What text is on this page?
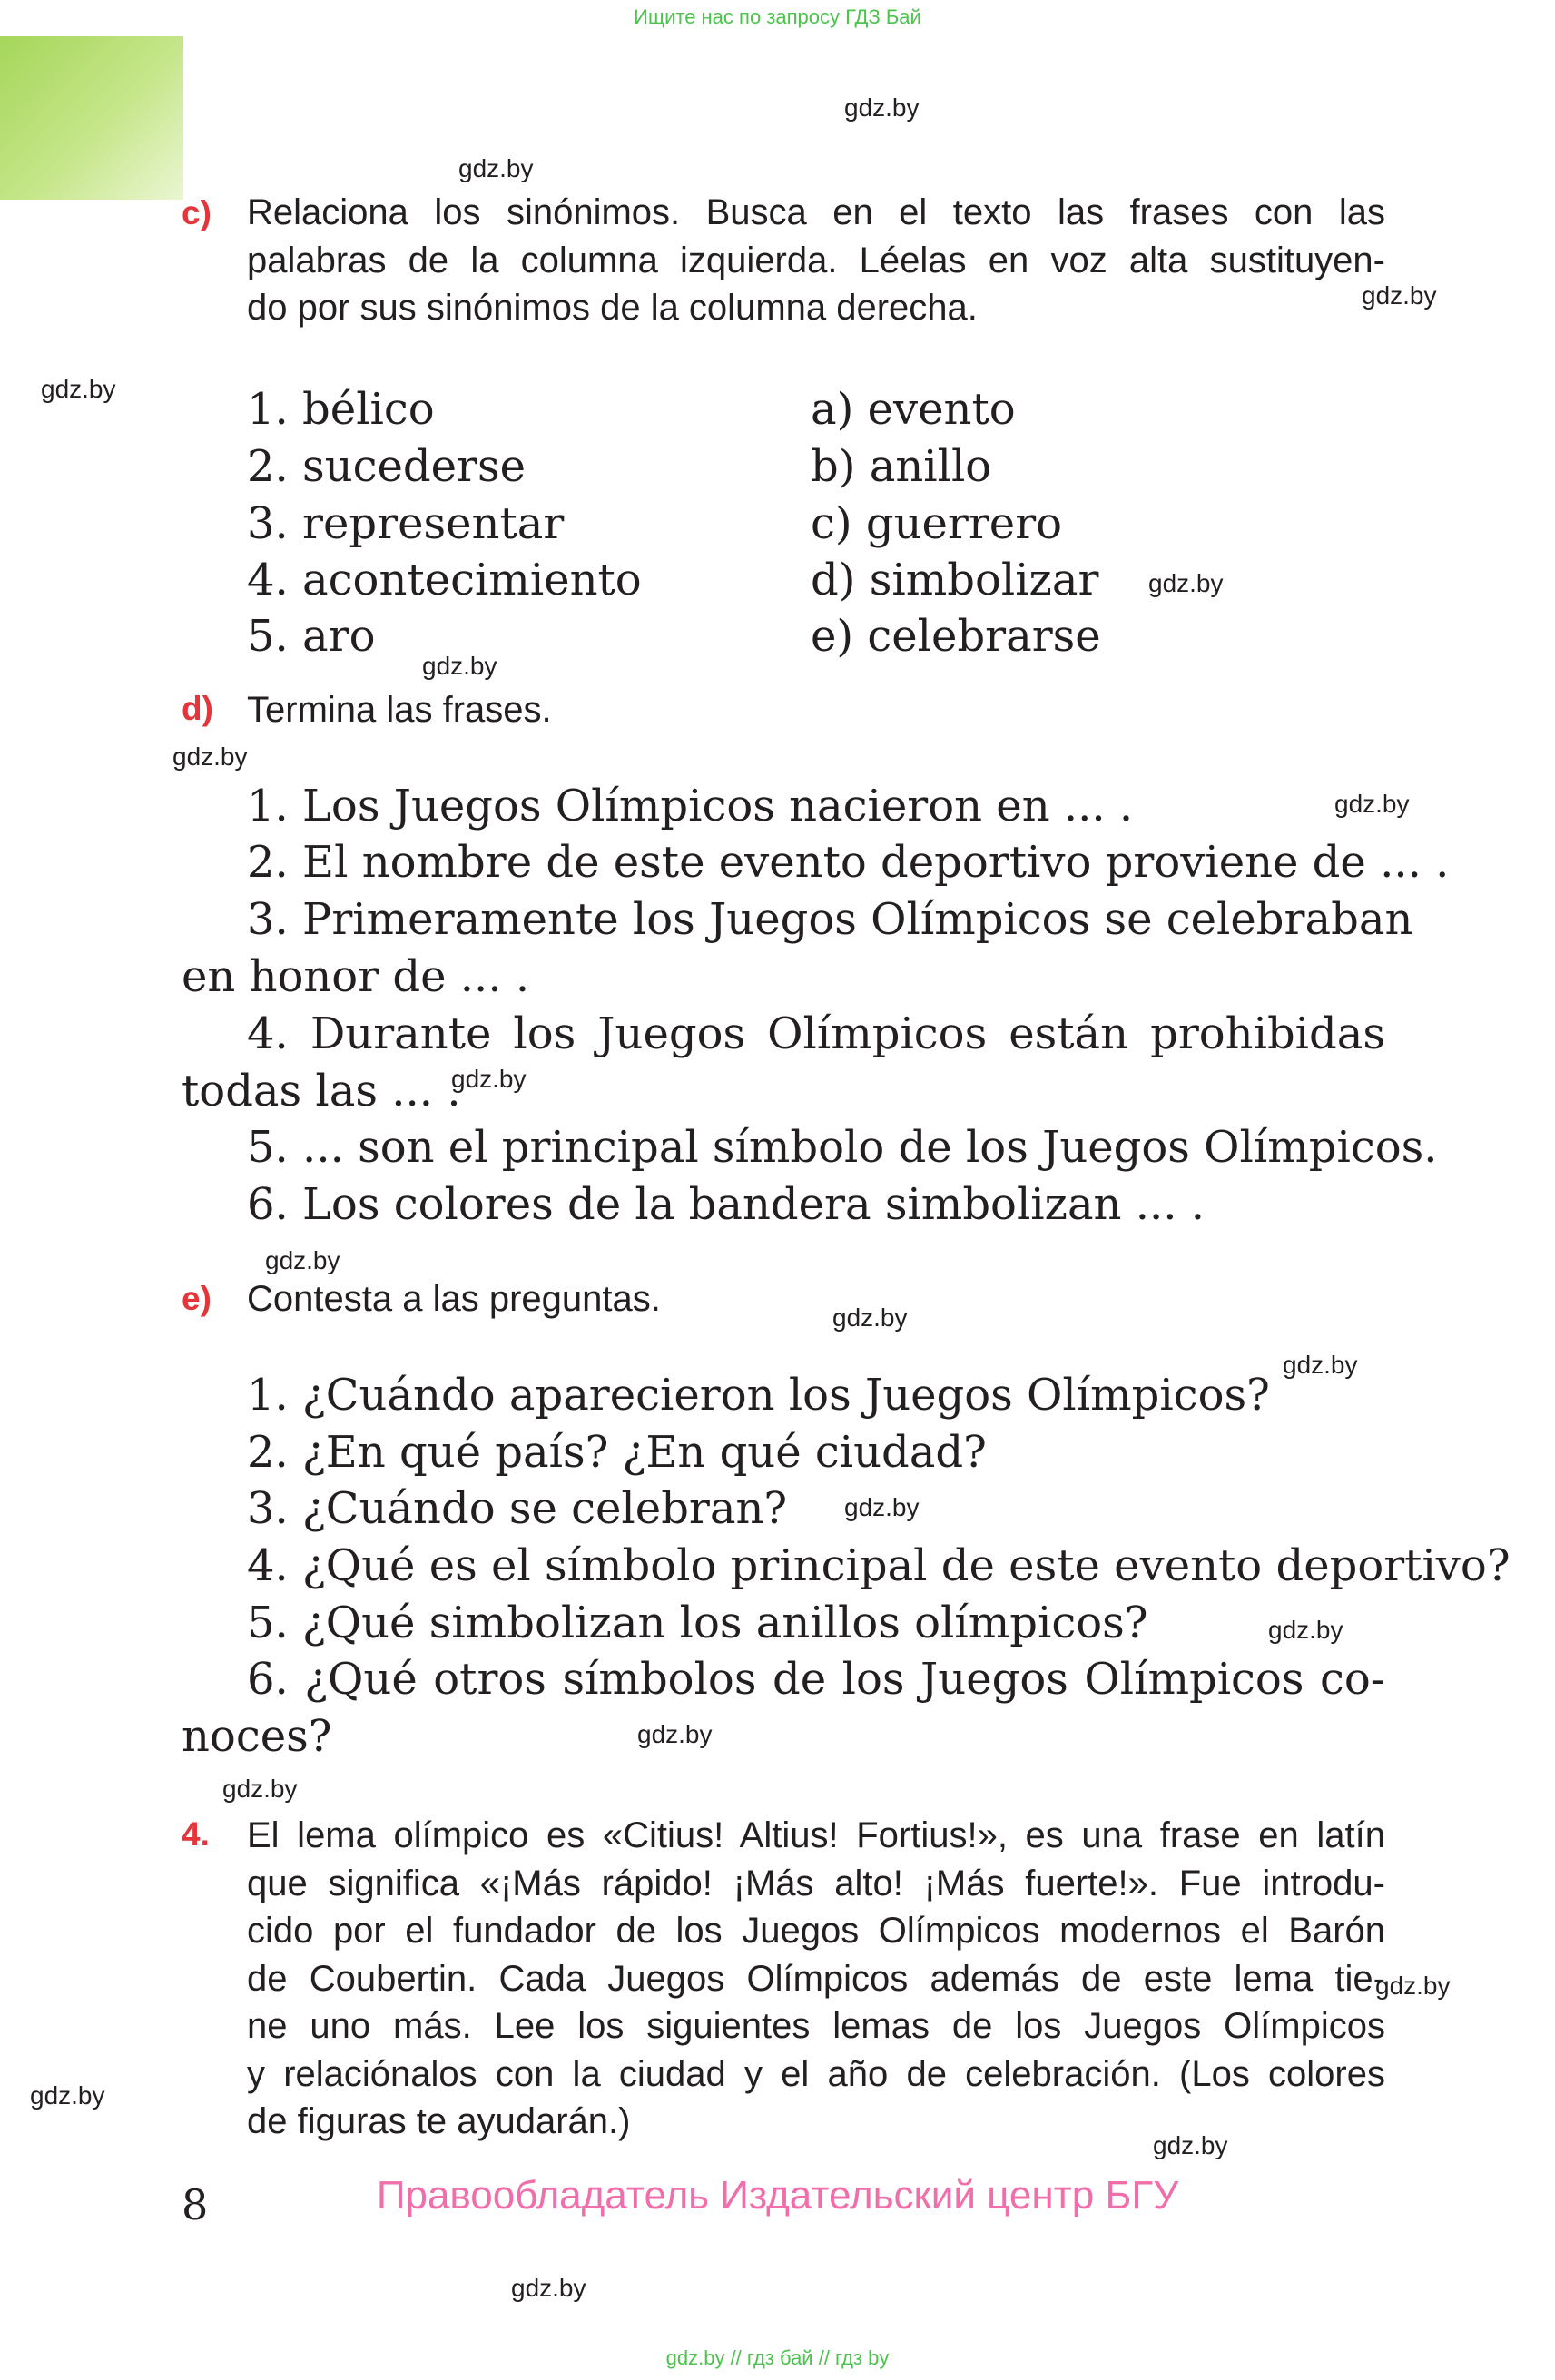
Ищите нас по запросу ГДЗ Бай
gdz.by
gdz.by
gdz.by
gdz.by
gdz.by
gdz.by
gdz.by
gdz.by
gdz.by
gdz.by
gdz.by
gdz.by
gdz.by
gdz.by
gdz.by
gdz.by
gdz.by
gdz.by
gdz.by
gdz.by
c) Relaciona los sinónimos. Busca en el texto las frases con las
palabras de la columna izquierda. Léelas en voz alta sustituyen-
do por sus sinónimos de la columna derecha.
1. bélico
2. sucederse
3. representar
4. acontecimiento
5. aro
a) evento
b) anillo
c) guerrero
d) simbolizar
e) celebrarse
d) Termina las frases.
1. Los Juegos Olímpicos nacieron en ... .
2. El nombre de este evento deportivo proviene de ... .
3. Primeramente los Juegos Olímpicos se celebraban
en honor de ... .
4. Durante los Juegos Olímpicos están prohibidas
todas las ... .
5. ... son el principal símbolo de los Juegos Olímpicos.
6. Los colores de la bandera simbolizan ... .
e) Contesta a las preguntas.
1. ¿Cuándo aparecieron los Juegos Olímpicos?
2. ¿En qué país? ¿En qué ciudad?
3. ¿Cuándo se celebran?
4. ¿Qué es el símbolo principal de este evento deportivo?
5. ¿Qué simbolizan los anillos olímpicos?
6. ¿Qué otros símbolos de los Juegos Olímpicos co-
noces?
4. El lema olímpico es «Citius! Altius! Fortius!», es una frase en latín
que significa «¡Más rápido! ¡Más alto! ¡Más fuerte!». Fue introdu-
cido por el fundador de los Juegos Olímpicos modernos el Barón
de Coubertin. Cada Juegos Olímpicos además de este lema tie-
ne uno más. Lee los siguientes lemas de los Juegos Olímpicos
y relaciónalos con la ciudad y el año de celebración. (Los colores
de figuras te ayudarán.)
8	Правообладатель Издательский центр БГУ
gdz.by // гдз бай // гдз by
